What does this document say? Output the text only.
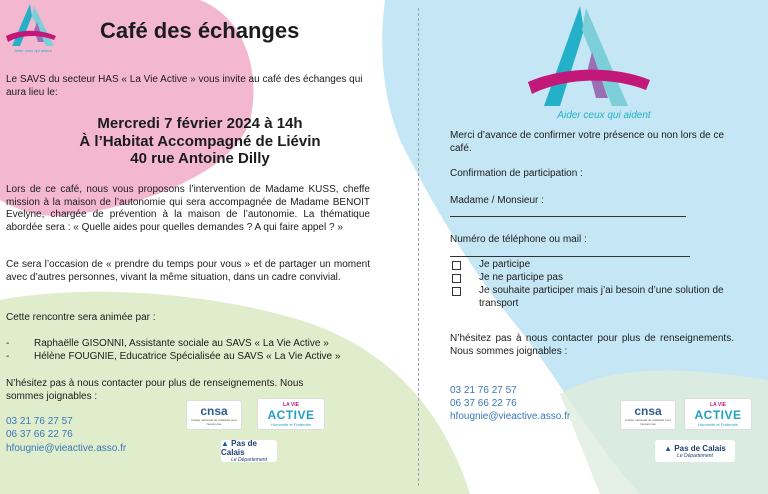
Aider ceux qui aident
Café des échanges
Le SAVS du secteur HAS « La Vie Active » vous invite au café des échanges qui aura lieu le:
Mercredi 7 février 2024 à 14h
À l’Habitat Accompagné de Liévin
40 rue Antoine Dilly
Lors de ce café, nous vous proposons l’intervention de Madame KUSS, cheffe mission à la maison de l’autonomie qui sera accompagnée de Madame BENOIT Evelyne, chargée de prévention à la maison de l’autonomie. La thématique abordée sera : « Quelle aides pour quelles demandes ? A qui faire appel ? »
Ce sera l’occasion de « prendre du temps pour vous » et de partager un moment avec d’autres personnes, vivant la même situation, dans un cadre convivial.
Cette rencontre sera animée par :
-	Raphaëlle GISONNI, Assistante sociale au SAVS « La Vie Active »
-	Hélène FOUGNIE, Educatrice Spécialisée au SAVS « La Vie Active »
N’hésitez pas à nous contacter pour plus de renseignements. Nous sommes joignables :
03 21 76 27 57
06 37 66 22 76
hfougnie@vieactive.asso.fr
cnsa
Caisse nationale de solidarité pour l’autonomie
LA VIE
ACTIVE
Humanité et Fraternité
▲ Pas de Calais
Le Département
Aider ceux qui aident
Merci d’avance de confirmer votre présence ou non lors de ce café.
Confirmation de participation :
Madame / Monsieur :
Numéro de téléphone ou mail :
Je participe
Je ne participe pas
Je souhaite participer mais j’ai besoin d’une solution de transport
N’hésitez pas à nous contacter pour plus de renseignements. Nous sommes joignables :
03 21 76 27 57
06 37 66 22 76
hfougnie@vieactive.asso.fr	cnsa
Caisse nationale de solidarité pour l’autonomie
LA VIE
ACTIVE
Humanité et Fraternité
▲ Pas de Calais
Le Département
